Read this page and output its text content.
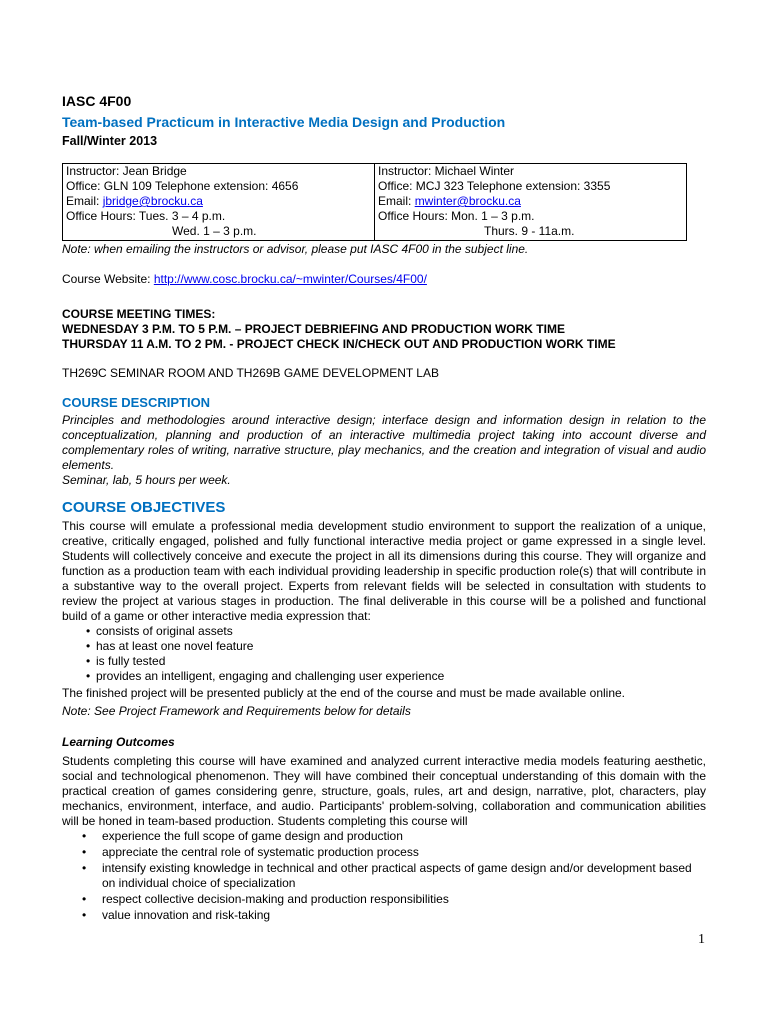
IASC 4F00
Team-based Practicum in Interactive Media Design and Production
Fall/Winter 2013
Instructor: Jean Bridge
Office: GLN 109 Telephone extension: 4656
Email: jbridge@brocku.ca
Office Hours: Tues. 3 – 4 p.m.
Wed. 1 – 3 p.m.

Instructor: Michael Winter
Office: MCJ 323 Telephone extension: 3355
Email: mwinter@brocku.ca
Office Hours: Mon. 1 – 3 p.m.
Thurs. 9 - 11a.m.

Note: when emailing the instructors or advisor, please put IASC 4F00 in the subject line.

Course Website: http://www.cosc.brocku.ca/~mwinter/Courses/4F00/

COURSE MEETING TIMES:
WEDNESDAY 3 P.M. TO 5 P.M. – PROJECT DEBRIEFING AND PRODUCTION WORK TIME
THURSDAY 11 A.M. TO 2 PM. - PROJECT CHECK IN/CHECK OUT AND PRODUCTION WORK TIME
TH269C SEMINAR ROOM AND TH269B GAME DEVELOPMENT LAB
COURSE DESCRIPTION

Principles and methodologies around interactive design; interface design and information design in relation to the conceptualization, planning and production of an interactive multimedia project taking into account diverse and complementary roles of writing, narrative structure, play mechanics, and the creation and integration of visual and audio elements.

Seminar, lab, 5 hours per week.

COURSE OBJECTIVES

This course will emulate a professional media development studio environment to support the realization of a unique, creative, critically engaged, polished and fully functional interactive media project or game expressed in a single level. Students will collectively conceive and execute the project in all its dimensions during this course. They will organize and function as a production team with each individual providing leadership in specific production role(s) that will contribute in a substantive way to the overall project. Experts from relevant fields will be selected in consultation with students to review the project at various stages in production. The final deliverable in this course will be a polished and functional build of a game or other interactive media expression that:

• consists of original assets
• has at least one novel feature
• is fully tested
• provides an intelligent, engaging and challenging user experience

The finished project will be presented publicly at the end of the course and must be made available online.

Note: See Project Framework and Requirements below for details

Learning Outcomes

Students completing this course will have examined and analyzed current interactive media models featuring aesthetic, social and technological phenomenon. They will have combined their conceptual understanding of this domain with the practical creation of games considering genre, structure, goals, rules, art and design, narrative, plot, characters, play mechanics, environment, interface, and audio. Participants' problem-solving, collaboration and communication abilities will be honed in team-based production. Students completing this course will

• experience the full scope of game design and production
• appreciate the central role of systematic production process
• intensify existing knowledge in technical and other practical aspects of game design and/or development based on individual choice of specialization
• respect collective decision-making and production responsibilities
• value innovation and risk-taking
1
